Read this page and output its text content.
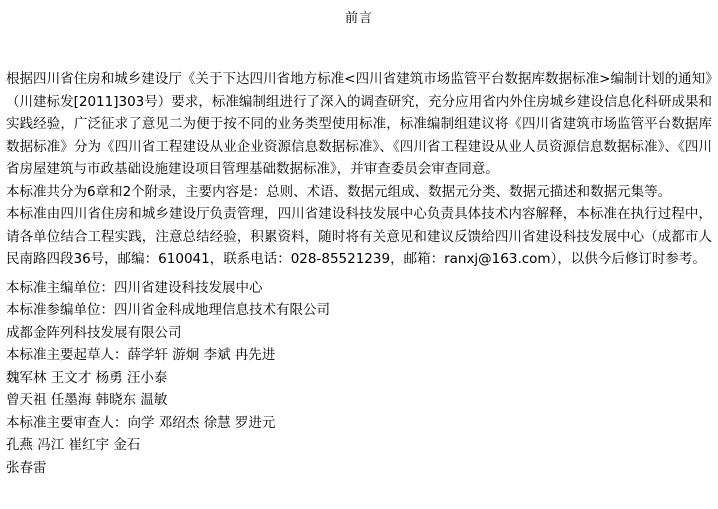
前言

根据四川省住房和城乡建设厅《关于下达四川省地方标准<四川省建筑市场监管平台数据库数据标准>编制计划的通知》（川建标发[2011]303号）要求，标准编制组进行了深入的调查研究，充分应用省内外住房城乡建设信息化科研成果和实践经验，广泛征求了意见二为便于按不同的业务类型使用标准，标准编制组建议将《四川省建筑市场监管平台数据库数据标准》分为《四川省工程建设从业企业资源信息数据标准》、《四川省工程建设从业人员资源信息数据标准》、《四川省房屋建筑与市政基础设施建设项目管理基础数据标准》，并审查委员会审查同意。

本标准共分为6章和2个附录，主要内容是：总则、术语、数据元组成、数据元分类、数据元描述和数据元集等。

本标准由四川省住房和城乡建设厅负责管理，四川省建设科技发展中心负责具体技术内容解释，本标准在执行过程中，请各单位结合工程实践，注意总结经验，积累资料，随时将有关意见和建议反馈给四川省建设科技发展中心（成都市人民南路四段36号，邮编：610041，联系电话：028-85521239，邮箱：ranxj@163.com），以供今后修订时参考。

本标准主编单位：四川省建设科技发展中心
本标准参编单位：四川省金科成地理信息技术有限公司
成都金阵列科技发展有限公司
本标准主要起草人：薛学轩 游炯 李斌 冉先进
魏军林 王文才 杨勇 汪小泰
曾天祖 任墨海 韩晓东 温敏
本标准主要审查人：向学 邓绍杰 徐慧 罗进元
孔燕 冯江 崔红宇 金石
张春雷
